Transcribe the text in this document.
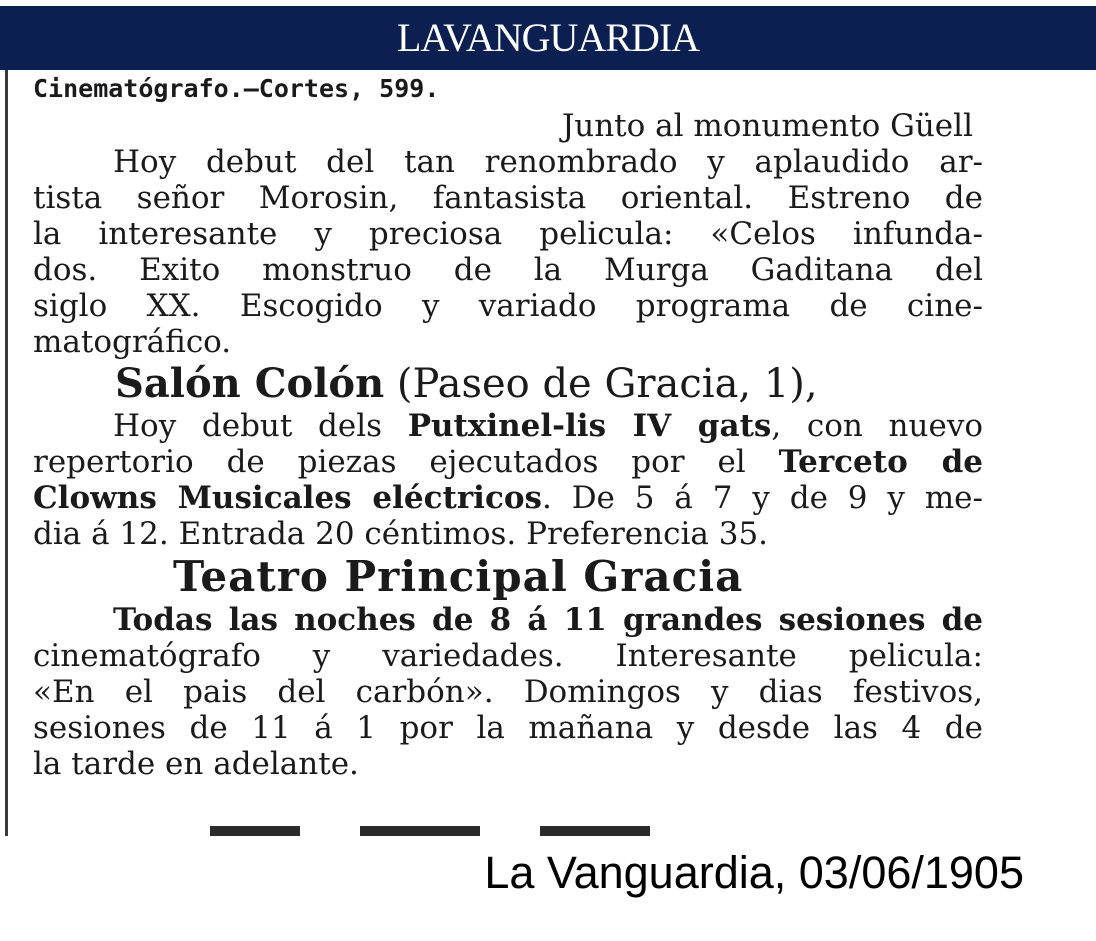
LAVANGUARDIA
Cinematógrafo.—Cortes, 599.
Junto al monumento Güell
Hoy debut del tan renombrado y aplaudido ar-
tista señor Morosin, fantasista oriental. Estreno de
la interesante y preciosa pelicula: «Celos infunda-
dos. Exito monstruo de la Murga Gaditana del
siglo XX. Escogido y variado programa de cine-
matográfico.
Salón Colón (Paseo de Gracia, 1),
Hoy debut dels Putxinel-lis IV gats, con nuevo
repertorio de piezas ejecutados por el Terceto de
Clowns Musicales eléctricos. De 5 á 7 y de 9 y me-
dia á 12. Entrada 20 céntimos. Preferencia 35.
Teatro Principal Gracia
Todas las noches de 8 á 11 grandes sesiones de
cinematógrafo y variedades. Interesante pelicula:
«En el pais del carbón». Domingos y dias festivos,
sesiones de 11 á 1 por la mañana y desde las 4 de
la tarde en adelante.
La Vanguardia, 03/06/1905
